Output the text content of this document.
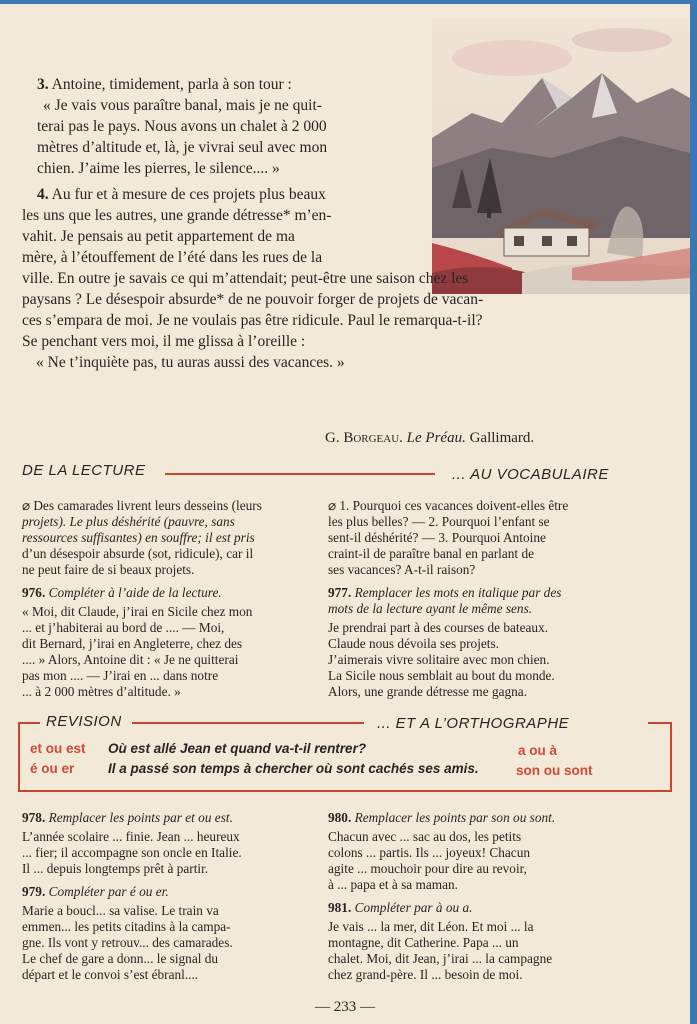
3. Antoine, timidement, parla à son tour :
« Je vais vous paraître banal, mais je ne quit-
terai pas le pays. Nous avons un chalet à 2 000
mètres d’altitude et, là, je vivrai seul avec mon
chien. J’aime les pierres, le silence.... »
4. Au fur et à mesure de ces projets plus beaux
les uns que les autres, une grande détresse* m’en-
vahit. Je pensais au petit appartement de ma
mère, à l’étouffement de l’été dans les rues de la
ville. En outre je savais ce qui m’attendait; peut-être une saison chez les
paysans ? Le désespoir absurde* de ne pouvoir forger de projets de vacan-
ces s’empara de moi. Je ne voulais pas être ridicule. Paul le remarqua-t-il?
Se penchant vers moi, il me glissa à l’oreille :
« Ne t’inquiète pas, tu auras aussi des vacances. »
G. Borgeau. Le Préau. Gallimard.
DE LA LECTURE	... AU VOCABULAIRE
⌀ Des camarades livrent leurs desseins (leurs
projets). Le plus déshérité (pauvre, sans
ressources suffisantes) en souffre; il est pris
d’un désespoir absurde (sot, ridicule), car il
ne peut faire de si beaux projets.
976. Compléter à l’aide de la lecture.
« Moi, dit Claude, j’irai en Sicile chez mon
... et j’habiterai au bord de .... — Moi,
dit Bernard, j’irai en Angleterre, chez des
.... » Alors, Antoine dit : « Je ne quitterai
pas mon .... — J’irai en ... dans notre
... à 2 000 mètres d’altitude. »
⌀ 1. Pourquoi ces vacances doivent-elles être
les plus belles? — 2. Pourquoi l’enfant se
sent-il déshérité? — 3. Pourquoi Antoine
craint-il de paraître banal en parlant de
ses vacances? A-t-il raison?
977. Remplacer les mots en italique par des
mots de la lecture ayant le même sens.
Je prendrai part à des courses de bateaux.
Claude nous dévoila ses projets.
J’aimerais vivre solitaire avec mon chien.
La Sicile nous semblait au bout du monde.
Alors, une grande détresse me gagna.
REVISION	... ET A L’ORTHOGRAPHE
et ou est
é ou er
Où est allé Jean et quand va-t-il rentrer?
Il a passé son temps à chercher où sont cachés ses amis.
a ou à
son ou sont
978. Remplacer les points par et ou est.
L’année scolaire ... finie. Jean ... heureux
... fier; il accompagne son oncle en Italie.
Il ... depuis longtemps prêt à partir.
979. Compléter par é ou er.
Marie a boucl... sa valise. Le train va
emmen... les petits citadins à la campa-
gne. Ils vont y retrouv... des camarades.
Le chef de gare a donn... le signal du
départ et le convoi s’est ébranl....
980. Remplacer les points par son ou sont.
Chacun avec ... sac au dos, les petits
colons ... partis. Ils ... joyeux! Chacun
agite ... mouchoir pour dire au revoir,
à ... papa et à sa maman.
981. Compléter par à ou a.
Je vais ... la mer, dit Léon. Et moi ... la
montagne, dit Catherine. Papa ... un
chalet. Moi, dit Jean, j’irai ... la campagne
chez grand-père. Il ... besoin de moi.
— 233 —
